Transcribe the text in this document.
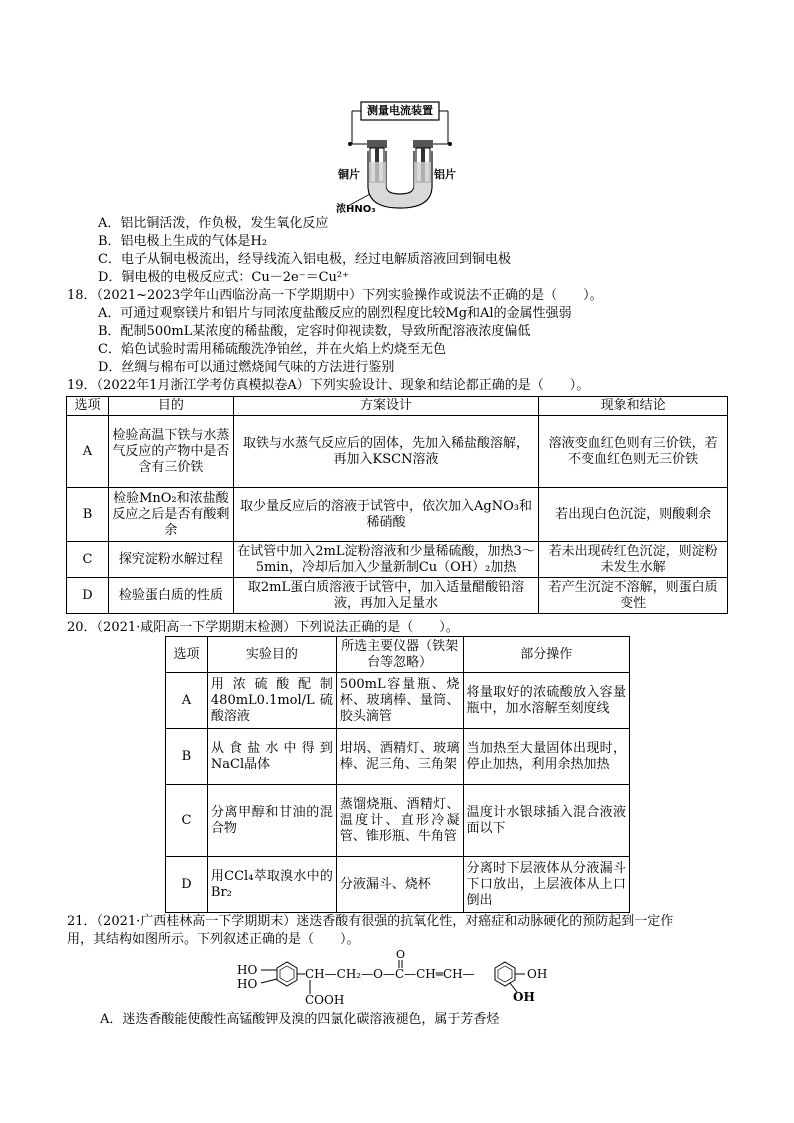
测量电流装置
铜片	铝片
浓HNO₃
A．铝比铜活泼，作负极，发生氧化反应
B．铝电极上生成的气体是H₂
C．电子从铜电极流出，经导线流入铝电极，经过电解质溶液回到铜电极
D．铜电极的电极反应式：Cu－2e⁻＝Cu²⁺
18．（2021~2023学年山西临汾高一下学期期中）下列实验操作或说法不正确的是（　　）。
A．可通过观察镁片和铝片与同浓度盐酸反应的剧烈程度比较Mg和Al的金属性强弱
B．配制500mL某浓度的稀盐酸，定容时仰视读数，导致所配溶液浓度偏低
C．焰色试验时需用稀硫酸洗净铂丝，并在火焰上灼烧至无色
D．丝绸与棉布可以通过燃烧闻气味的方法进行鉴别
19．（2022年1月浙江学考仿真模拟卷A）下列实验设计、现象和结论都正确的是（　　）。
选项	目的	方案设计	现象和结论
A	检验高温下铁与水蒸气反应的产物中是否含有三价铁	取铁与水蒸气反应后的固体，先加入稀盐酸溶解，再加入KSCN溶液	溶液变血红色则有三价铁，若不变血红色则无三价铁
B	检验MnO₂和浓盐酸反应之后是否有酸剩余	取少量反应后的溶液于试管中，依次加入AgNO₃和稀硝酸	若出现白色沉淀，则酸剩余
C	探究淀粉水解过程	在试管中加入2mL淀粉溶液和少量稀硫酸，加热3～5min，冷却后加入少量新制Cu（OH）₂加热	若未出现砖红色沉淀，则淀粉未发生水解
D	检验蛋白质的性质	取2mL蛋白质溶液于试管中，加入适量醋酸铅溶液，再加入足量水	若产生沉淀不溶解，则蛋白质变性
20．（2021·咸阳高一下学期期末检测）下列说法正确的是（　　）。
选项	实验目的	所选主要仪器（铁架台等忽略）	部分操作
A	用浓硫酸配制480mL0.1mol/L硫酸溶液	500mL容量瓶、烧杯、玻璃棒、量筒、胶头滴管	将量取好的浓硫酸放入容量瓶中，加水溶解至刻度线
B	从食盐水中得到NaCl晶体	坩埚、酒精灯、玻璃棒、泥三角、三角架	当加热至大量固体出现时，停止加热，利用余热加热
C	分离甲醇和甘油的混合物	蒸馏烧瓶、酒精灯、温度计、直形冷凝管、锥形瓶、牛角管	温度计水银球插入混合液液面以下
D	用CCl₄萃取溴水中的Br₂	分液漏斗、烧杯	分离时下层液体从分液漏斗下口放出，上层液体从上口倒出
21．（2021·广西桂林高一下学期期末）迷迭香酸有很强的抗氧化性，对癌症和动脉硬化的预防起到一定作
用，其结构如图所示。下列叙述正确的是（　　）。
HO
HO
CH—CH₂—O—C—CH═CH—
O
COOH
OH
OH
A．迷迭香酸能使酸性高锰酸钾及溴的四氯化碳溶液褪色，属于芳香烃
